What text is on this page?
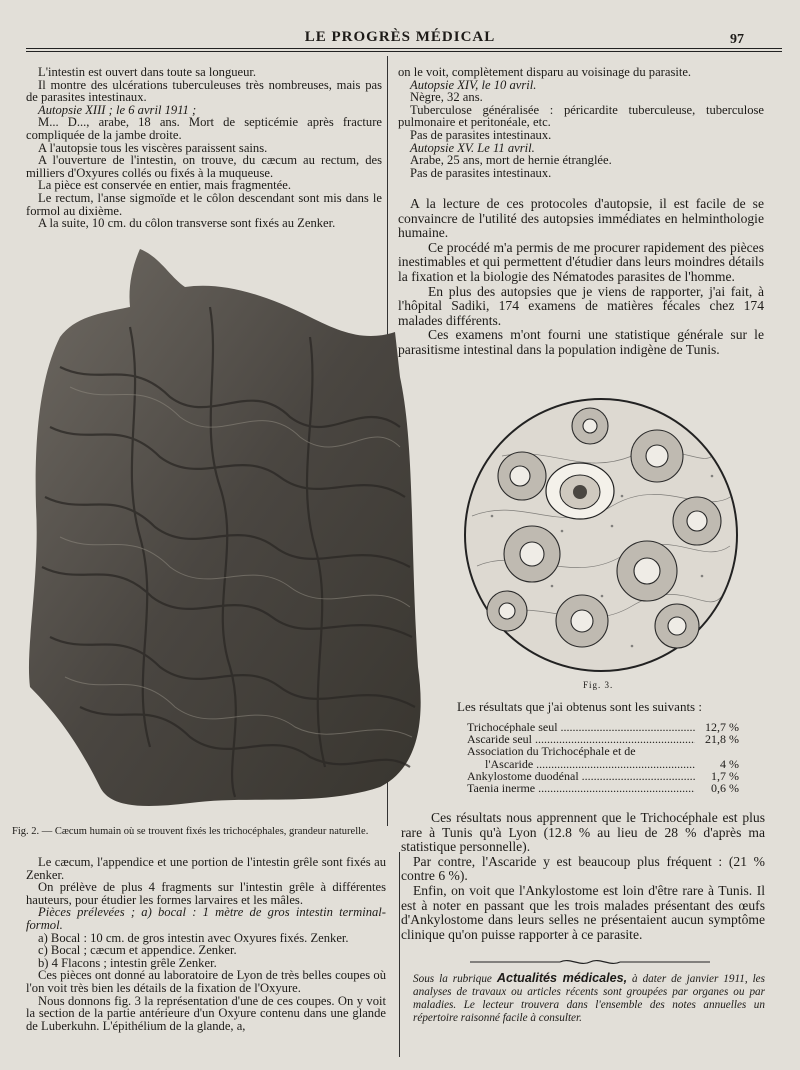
LE PROGRÈS MÉDICAL	97

L'intestin est ouvert dans toute sa longueur.

Il montre des ulcérations tuberculeuses très nombreuses, mais pas de parasites intestinaux.

Autopsie XIII ; le 6 avril 1911 ;

M... D..., arabe, 18 ans. Mort de septicémie après fracture compliquée de la jambe droite.

A l'autopsie tous les viscères paraissent sains.

A l'ouverture de l'intestin, on trouve, du cæcum au rectum, des milliers d'Oxyures collés ou fixés à la muqueuse.

La pièce est conservée en entier, mais fragmentée.

Le rectum, l'anse sigmoïde et le côlon descendant sont mis dans le formol au dixième.

A la suite, 10 cm. du côlon transverse sont fixés au Zenker.

Fig. 2. — Cæcum humain où se trouvent fixés les trichocéphales, grandeur naturelle.

on le voit, complètement disparu au voisinage du parasite.

Autopsie XIV, le 10 avril.

Nègre, 32 ans.

Tuberculose généralisée : péricardite tuberculeuse, tuberculose pulmonaire et peritonéale, etc.

Pas de parasites intestinaux.

Autopsie XV. Le 11 avril.

Arabe, 25 ans, mort de hernie étranglée.

Pas de parasites intestinaux.

A la lecture de ces protocoles d'autopsie, il est facile de se convaincre de l'utilité des autopsies immédiates en helminthologie humaine.

Ce procédé m'a permis de me procurer rapidement des pièces inestimables et qui permettent d'étudier dans leurs moindres détails la fixation et la biologie des Nématodes parasites de l'homme.

En plus des autopsies que je viens de rapporter, j'ai fait, à l'hôpital Sadiki, 174 examens de matières fécales chez 174 malades différents.

Ces examens m'ont fourni une statistique générale sur le parasitisme intestinal dans la population indigène de Tunis.

Fig. 3.
Les résultats que j'ai obtenus sont les suivants :
Trichocéphale seul .....	12,7 %
Ascaride seul .....	21,8 %
Association du Trichocéphale et de
l'Ascaride .....	4 %
Ankylostome duodénal .....	1,7 %
Taenia inerme .....	0,6 %

Le cæcum, l'appendice et une portion de l'intestin grêle sont fixés au Zenker.

On prélève de plus 4 fragments sur l'intestin grêle à différentes hauteurs, pour étudier les formes larvaires et les mâles.

Pièces prélevées ; a) bocal : 1 mètre de gros intestin terminal-formol.

a) Bocal : 10 cm. de gros intestin avec Oxyures fixés. Zenker.

c) Bocal ; cæcum et appendice. Zenker.

b) 4 Flacons ; intestin grêle Zenker.

Ces pièces ont donné au laboratoire de Lyon de très belles coupes où l'on voit très bien les détails de la fixation de l'Oxyure.

Nous donnons fig. 3 la représentation d'une de ces coupes. On y voit la section de la partie antérieure d'un Oxyure contenu dans une glande de Luberkuhn. L'épithélium de la glande, a,

Ces résultats nous apprennent que le Trichocéphale est plus rare à Tunis qu'à Lyon (12.8 % au lieu de 28 % d'après ma statistique personnelle).

Par contre, l'Ascaride y est beaucoup plus fréquent : (21 % contre 6 %).

Enfin, on voit que l'Ankylostome est loin d'être rare à Tunis. Il est à noter en passant que les trois malades présentant des œufs d'Ankylostome dans leurs selles ne présentaient aucun symptôme clinique qu'on puisse rapporter à ce parasite.

Sous la rubrique Actualités médicales, à dater de janvier 1911, les analyses de travaux ou articles récents sont groupées par organes ou par maladies. Le lecteur trouvera dans l'ensemble des notes annuelles un répertoire raisonné facile à consulter.
